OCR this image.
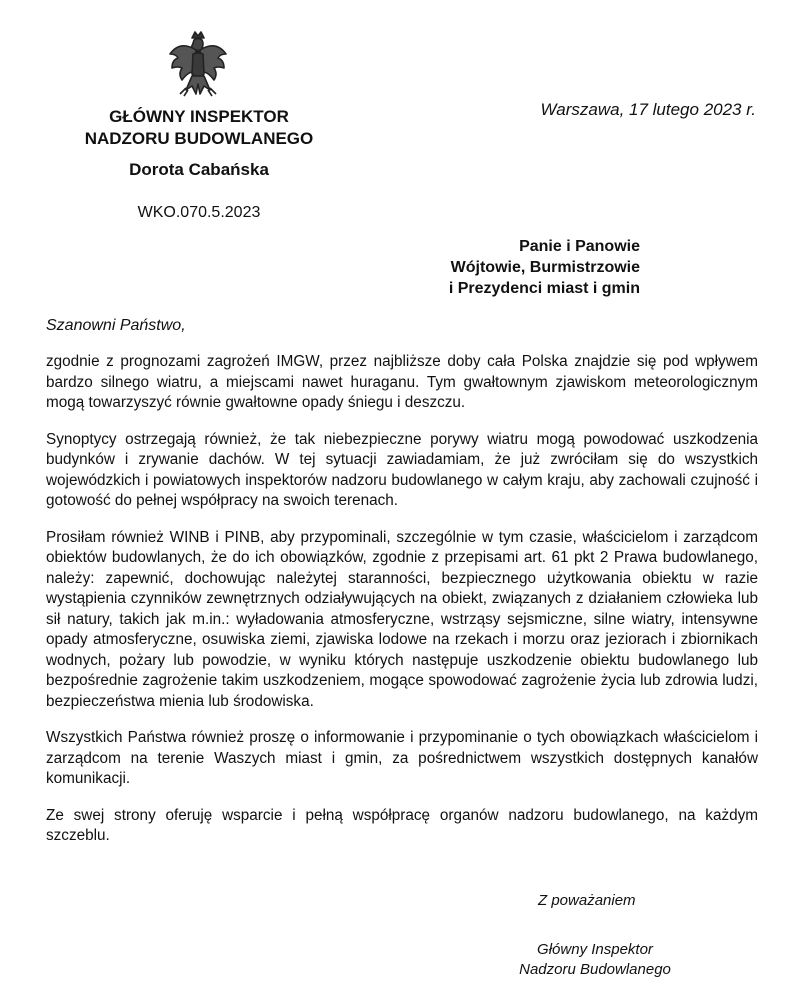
GŁÓWNY INSPEKTOR
NADZORU BUDOWLANEGO
Dorota Cabańska
WKO.070.5.2023
Warszawa, 17 lutego 2023 r.
Panie i Panowie
Wójtowie, Burmistrzowie
i Prezydenci miast i gmin
Szanowni Państwo,

zgodnie z prognozami zagrożeń IMGW, przez najbliższe doby cała Polska znajdzie się pod wpływem bardzo silnego wiatru, a miejscami nawet huraganu. Tym gwałtownym zjawiskom meteorologicznym mogą towarzyszyć równie gwałtowne opady śniegu i deszczu.

Synoptycy ostrzegają również, że tak niebezpieczne porywy wiatru mogą powodować uszkodzenia budynków i zrywanie dachów. W tej sytuacji zawiadamiam, że już zwróciłam się do wszystkich wojewódzkich i powiatowych inspektorów nadzoru budowlanego w całym kraju, aby zachowali czujność i gotowość do pełnej współpracy na swoich terenach.

Prosiłam również WINB i PINB, aby przypominali, szczególnie w tym czasie, właścicielom i zarządcom obiektów budowlanych, że do ich obowiązków, zgodnie z przepisami art. 61 pkt 2 Prawa budowlanego, należy: zapewnić, dochowując należytej staranności, bezpiecznego użytkowania obiektu w razie wystąpienia czynników zewnętrznych odziaływujących na obiekt, związanych z działaniem człowieka lub sił natury, takich jak m.in.: wyładowania atmosferyczne, wstrząsy sejsmiczne, silne wiatry, intensywne opady atmosferyczne, osuwiska ziemi, zjawiska lodowe na rzekach i morzu oraz jeziorach i zbiornikach wodnych, pożary lub powodzie, w wyniku których następuje uszkodzenie obiektu budowlanego lub bezpośrednie zagrożenie takim uszkodzeniem, mogące spowodować zagrożenie życia lub zdrowia ludzi, bezpieczeństwa mienia lub środowiska.

Wszystkich Państwa również proszę o informowanie i przypominanie o tych obowiązkach właścicielom i zarządcom na terenie Waszych miast i gmin, za pośrednictwem wszystkich dostępnych kanałów komunikacji.

Ze swej strony oferuję wsparcie i pełną współpracę organów nadzoru budowlanego, na każdym szczeblu.

Z poważaniem
Główny Inspektor
Nadzoru Budowlanego
